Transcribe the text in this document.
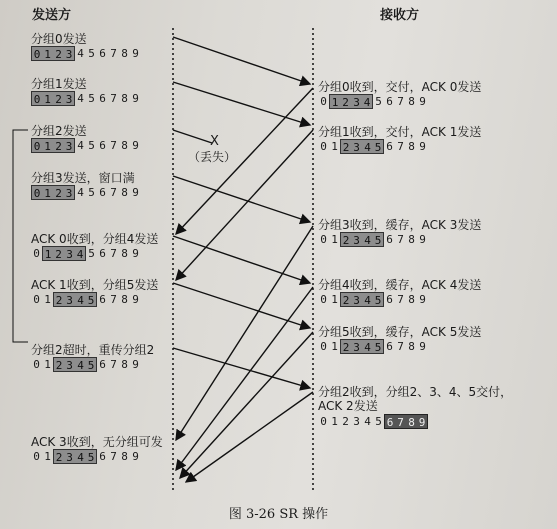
发送方	接收方
X
（丢失）
分组0发送
0 1 2 3 4 5 6 7 8 9
分组1发送
0 1 2 3 4 5 6 7 8 9
分组2发送
0 1 2 3 4 5 6 7 8 9
分组3发送，窗口满
0 1 2 3 4 5 6 7 8 9
ACK 0收到，分组4发送
0 1 2 3 4 5 6 7 8 9
ACK 1收到，分组5发送
0 1 2 3 4 5 6 7 8 9
分组2超时，重传分组2
0 1 2 3 4 5 6 7 8 9
ACK 3收到，无分组可发
0 1 2 3 4 5 6 7 8 9
分组0收到，交付，ACK 0发送
0 1 2 3 4 5 6 7 8 9
分组1收到，交付，ACK 1发送
0 1 2 3 4 5 6 7 8 9
分组3收到，缓存，ACK 3发送
0 1 2 3 4 5 6 7 8 9
分组4收到，缓存，ACK 4发送
0 1 2 3 4 5 6 7 8 9
分组5收到，缓存，ACK 5发送
0 1 2 3 4 5 6 7 8 9
分组2收到，分组2、3、4、5交付，
ACK 2发送
0 1 2 3 4 5 6 7 8 9
图 3-26 SR 操作
